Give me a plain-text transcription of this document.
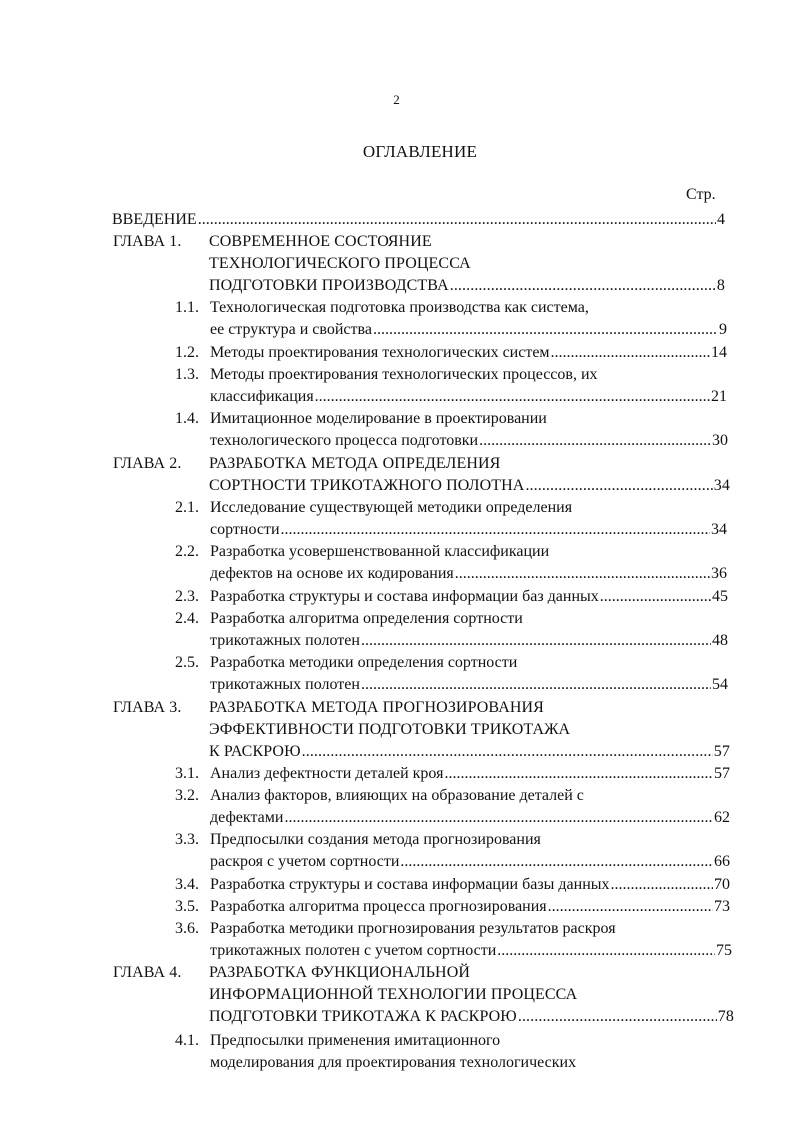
2
ОГЛАВЛЕНИЕ
Стр.
ВВЕДЕНИЕ .....	4
ГЛАВА 1.	СОВРЕМЕННОЕ СОСТОЯНИЕ
ТЕХНОЛОГИЧЕСКОГО ПРОЦЕССА
ПОДГОТОВКИ ПРОИЗВОДСТВА .....	8
1.1. Технологическая подготовка производства как система,
ее структура и свойства .....	9
1.2. Методы проектирования технологических систем .....	14
1.3. Методы проектирования технологических процессов, их
классификация .....	21
1.4. Имитационное моделирование в проектировании
технологического процесса подготовки .....	30
ГЛАВА 2.	РАЗРАБОТКА МЕТОДА ОПРЕДЕЛЕНИЯ
СОРТНОСТИ ТРИКОТАЖНОГО ПОЛОТНА .....	34
2.1. Исследование существующей методики определения
сортности .....	34
2.2. Разработка усовершенствованной классификации
дефектов на основе их кодирования .....	36
2.3. Разработка структуры и состава информации баз данных .....	45
2.4. Разработка алгоритма определения сортности
трикотажных полотен .....	48
2.5. Разработка методики определения сортности
трикотажных полотен .....	54
ГЛАВА 3.	РАЗРАБОТКА МЕТОДА ПРОГНОЗИРОВАНИЯ
ЭФФЕКТИВНОСТИ ПОДГОТОВКИ ТРИКОТАЖА
К РАСКРОЮ .....	57
3.1. Анализ дефектности деталей кроя .....	57
3.2. Анализ факторов, влияющих на образование деталей с
дефектами .....	62
3.3. Предпосылки создания метода прогнозирования
раскроя с учетом сортности .....	66
3.4. Разработка структуры и состава информации базы данных .....	70
3.5. Разработка алгоритма процесса прогнозирования .....	73
3.6. Разработка методики прогнозирования результатов раскроя
трикотажных полотен с учетом сортности .....	75
ГЛАВА 4.	РАЗРАБОТКА ФУНКЦИОНАЛЬНОЙ
ИНФОРМАЦИОННОЙ ТЕХНОЛОГИИ ПРОЦЕССА
ПОДГОТОВКИ ТРИКОТАЖА К РАСКРОЮ .....	78
4.1. Предпосылки применения имитационного
моделирования для проектирования технологических
